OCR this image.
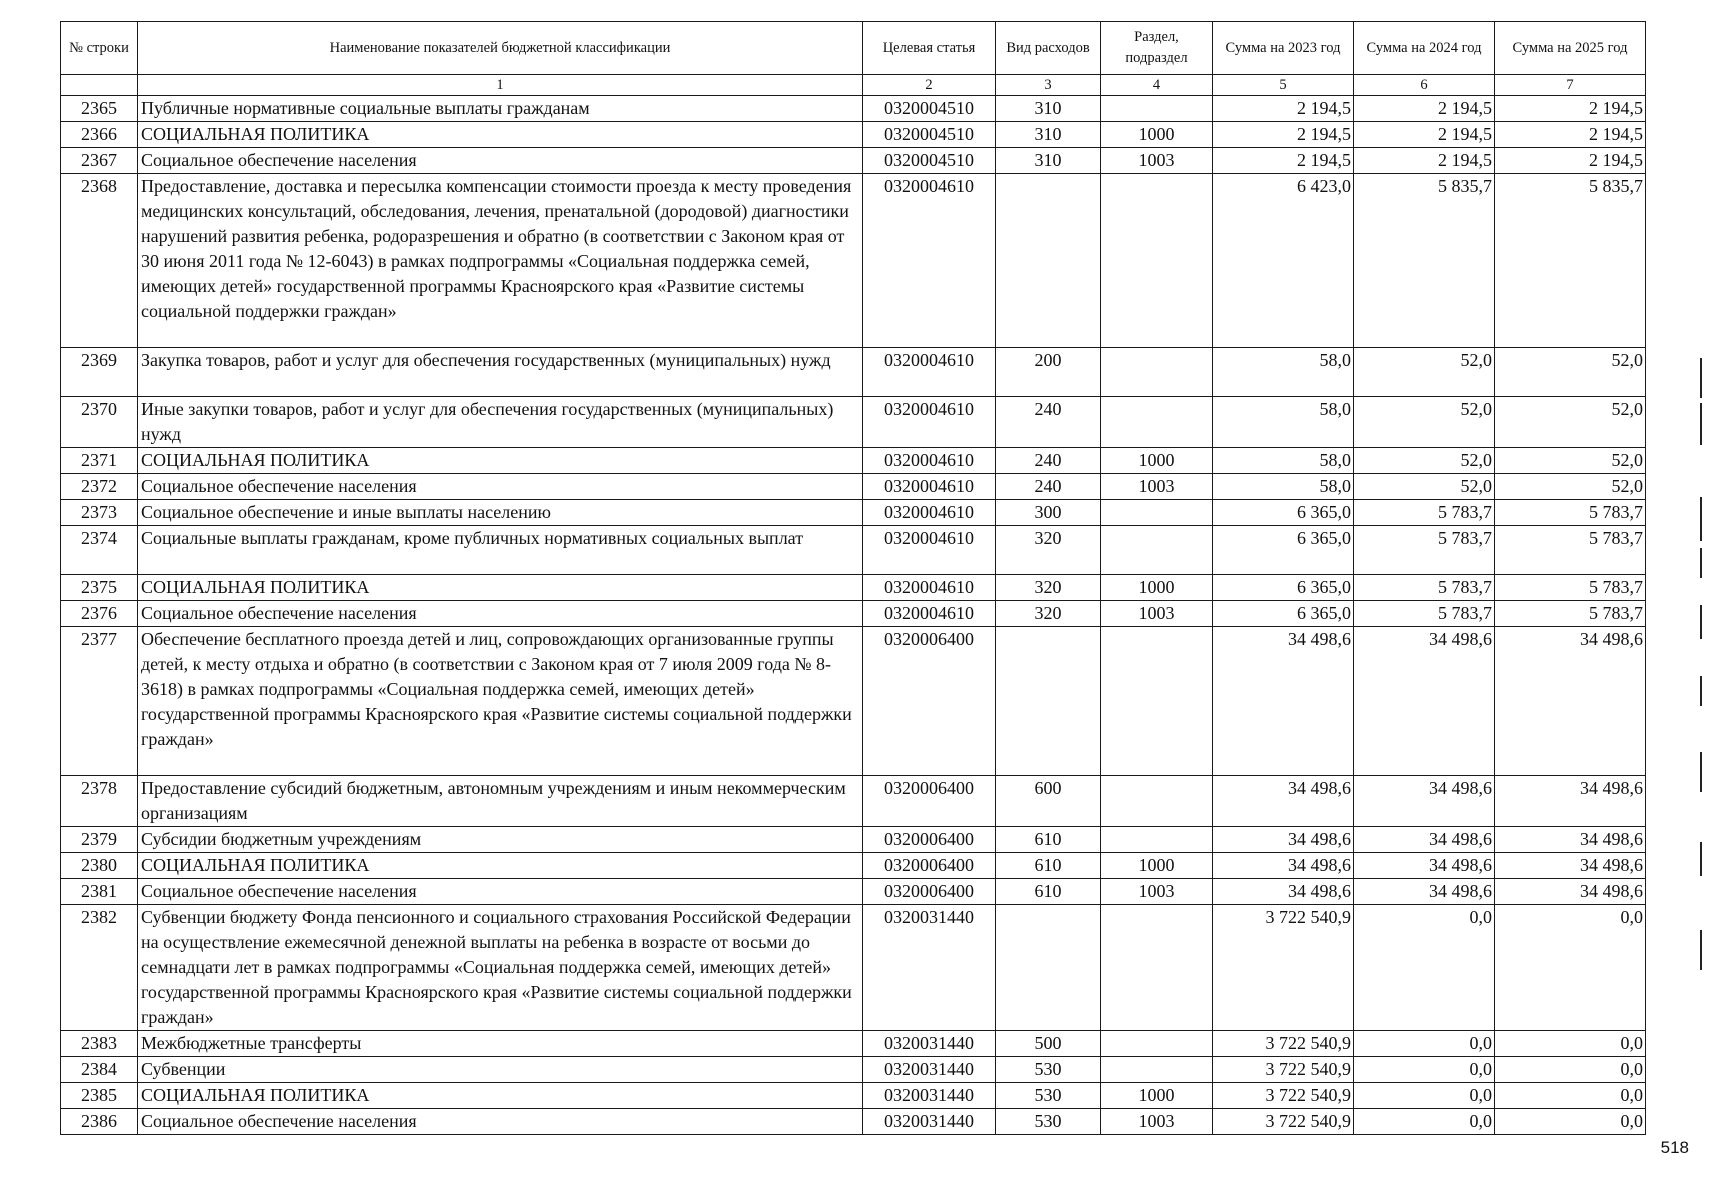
№ строки	Наименование показателей бюджетной классификации	Целевая статья	Вид расходов	Раздел, подраздел	Сумма на 2023 год	Сумма на 2024 год	Сумма на 2025 год
	1	2	3	4	5	6	7
2365	Публичные нормативные социальные выплаты гражданам	0320004510	310		2 194,5	2 194,5	2 194,5
2366	СОЦИАЛЬНАЯ ПОЛИТИКА	0320004510	310	1000	2 194,5	2 194,5	2 194,5
2367	Социальное обеспечение населения	0320004510	310	1003	2 194,5	2 194,5	2 194,5
2368	Предоставление, доставка и пересылка компенсации стоимости проезда к месту проведения медицинских консультаций, обследования, лечения, пренатальной (дородовой) диагностики нарушений развития ребенка, родоразрешения и обратно (в соответствии с Законом края от 30 июня 2011 года № 12-6043) в рамках подпрограммы «Социальная поддержка семей, имеющих детей» государственной программы Красноярского края «Развитие системы социальной поддержки граждан»	0320004610			6 423,0	5 835,7	5 835,7
2369	Закупка товаров, работ и услуг для обеспечения государственных (муниципальных) нужд	0320004610	200		58,0	52,0	52,0
2370	Иные закупки товаров, работ и услуг для обеспечения государственных (муниципальных) нужд	0320004610	240		58,0	52,0	52,0
2371	СОЦИАЛЬНАЯ ПОЛИТИКА	0320004610	240	1000	58,0	52,0	52,0
2372	Социальное обеспечение населения	0320004610	240	1003	58,0	52,0	52,0
2373	Социальное обеспечение и иные выплаты населению	0320004610	300		6 365,0	5 783,7	5 783,7
2374	Социальные выплаты гражданам, кроме публичных нормативных социальных выплат	0320004610	320		6 365,0	5 783,7	5 783,7
2375	СОЦИАЛЬНАЯ ПОЛИТИКА	0320004610	320	1000	6 365,0	5 783,7	5 783,7
2376	Социальное обеспечение населения	0320004610	320	1003	6 365,0	5 783,7	5 783,7
2377	Обеспечение бесплатного проезда детей и лиц, сопровождающих организованные группы детей, к месту отдыха и обратно (в соответствии с Законом края от 7 июля 2009 года № 8-3618) в рамках подпрограммы «Социальная поддержка семей, имеющих детей» государственной программы Красноярского края «Развитие системы социальной поддержки граждан»	0320006400			34 498,6	34 498,6	34 498,6
2378	Предоставление субсидий бюджетным, автономным учреждениям и иным некоммерческим организациям	0320006400	600		34 498,6	34 498,6	34 498,6
2379	Субсидии бюджетным учреждениям	0320006400	610		34 498,6	34 498,6	34 498,6
2380	СОЦИАЛЬНАЯ ПОЛИТИКА	0320006400	610	1000	34 498,6	34 498,6	34 498,6
2381	Социальное обеспечение населения	0320006400	610	1003	34 498,6	34 498,6	34 498,6
2382	Субвенции бюджету Фонда пенсионного и социального страхования Российской Федерации на осуществление ежемесячной денежной выплаты на ребенка в возрасте от восьми до семнадцати лет в рамках подпрограммы «Социальная поддержка семей, имеющих детей» государственной программы Красноярского края «Развитие системы социальной поддержки граждан»	0320031440			3 722 540,9	0,0	0,0
2383	Межбюджетные трансферты	0320031440	500		3 722 540,9	0,0	0,0
2384	Субвенции	0320031440	530		3 722 540,9	0,0	0,0
2385	СОЦИАЛЬНАЯ ПОЛИТИКА	0320031440	530	1000	3 722 540,9	0,0	0,0
2386	Социальное обеспечение населения	0320031440	530	1003	3 722 540,9	0,0	0,0
518
